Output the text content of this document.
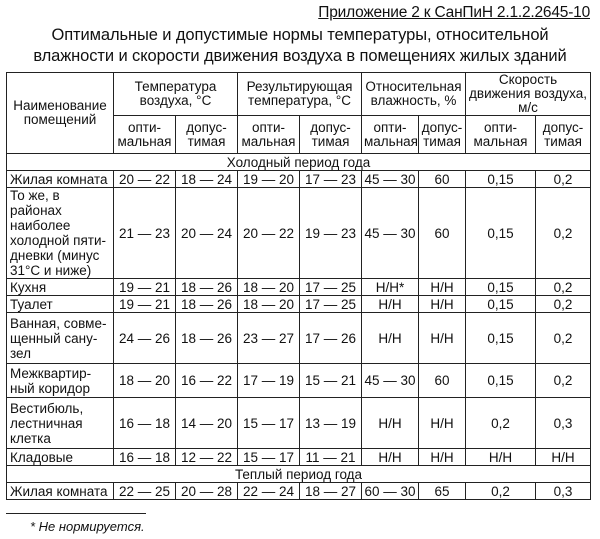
Приложение 2 к СанПиН 2.1.2.2645-10
Оптимальные и допустимые нормы температуры, относительной
влажности и скорости движения воздуха в помещениях жилых зданий
Наименование помещений	Температура воздуха, °С		Результирующая температура, °С		Относительная влажность, %		Скорость движения воздуха, м/с	
	опти-мальная	допус-тимая	опти-мальная	допус-тимая	опти-мальная	допус-тимая	опти-мальная	допус-тимая
Холодный период года								
Жилая комната	20 — 22	18 — 24	19 — 20	17 — 23	45 — 30	60	0,15	0,2
То же, в районах наиболее холодной пяти-дневки (минус 31°С и ниже)	21 — 23	20 — 24	20 — 22	19 — 23	45 — 30	60	0,15	0,2
Кухня	19 — 21	18 — 26	18 — 20	17 — 25	Н/Н*	Н/Н	0,15	0,2
Туалет	19 — 21	18 — 26	18 — 20	17 — 25	Н/Н	Н/Н	0,15	0,2
Ванная, совме-щенный сану-зел	24 — 26	18 — 26	23 — 27	17 — 26	Н/Н	Н/Н	0,15	0,2
Межквартир-ный коридор	18 — 20	16 — 22	17 — 19	15 — 21	45 — 30	60	0,15	0,2
Вестибюль, лестничная клетка	16 — 18	14 — 20	15 — 17	13 — 19	Н/Н	Н/Н	0,2	0,3
Кладовые	16 — 18	12 — 22	15 — 17	11 — 21	Н/Н	Н/Н	Н/Н	Н/Н
Теплый период года								
Жилая комната	22 — 25	20 — 28	22 — 24	18 — 27	60 — 30	65	0,2	0,3
* Не нормируется.
